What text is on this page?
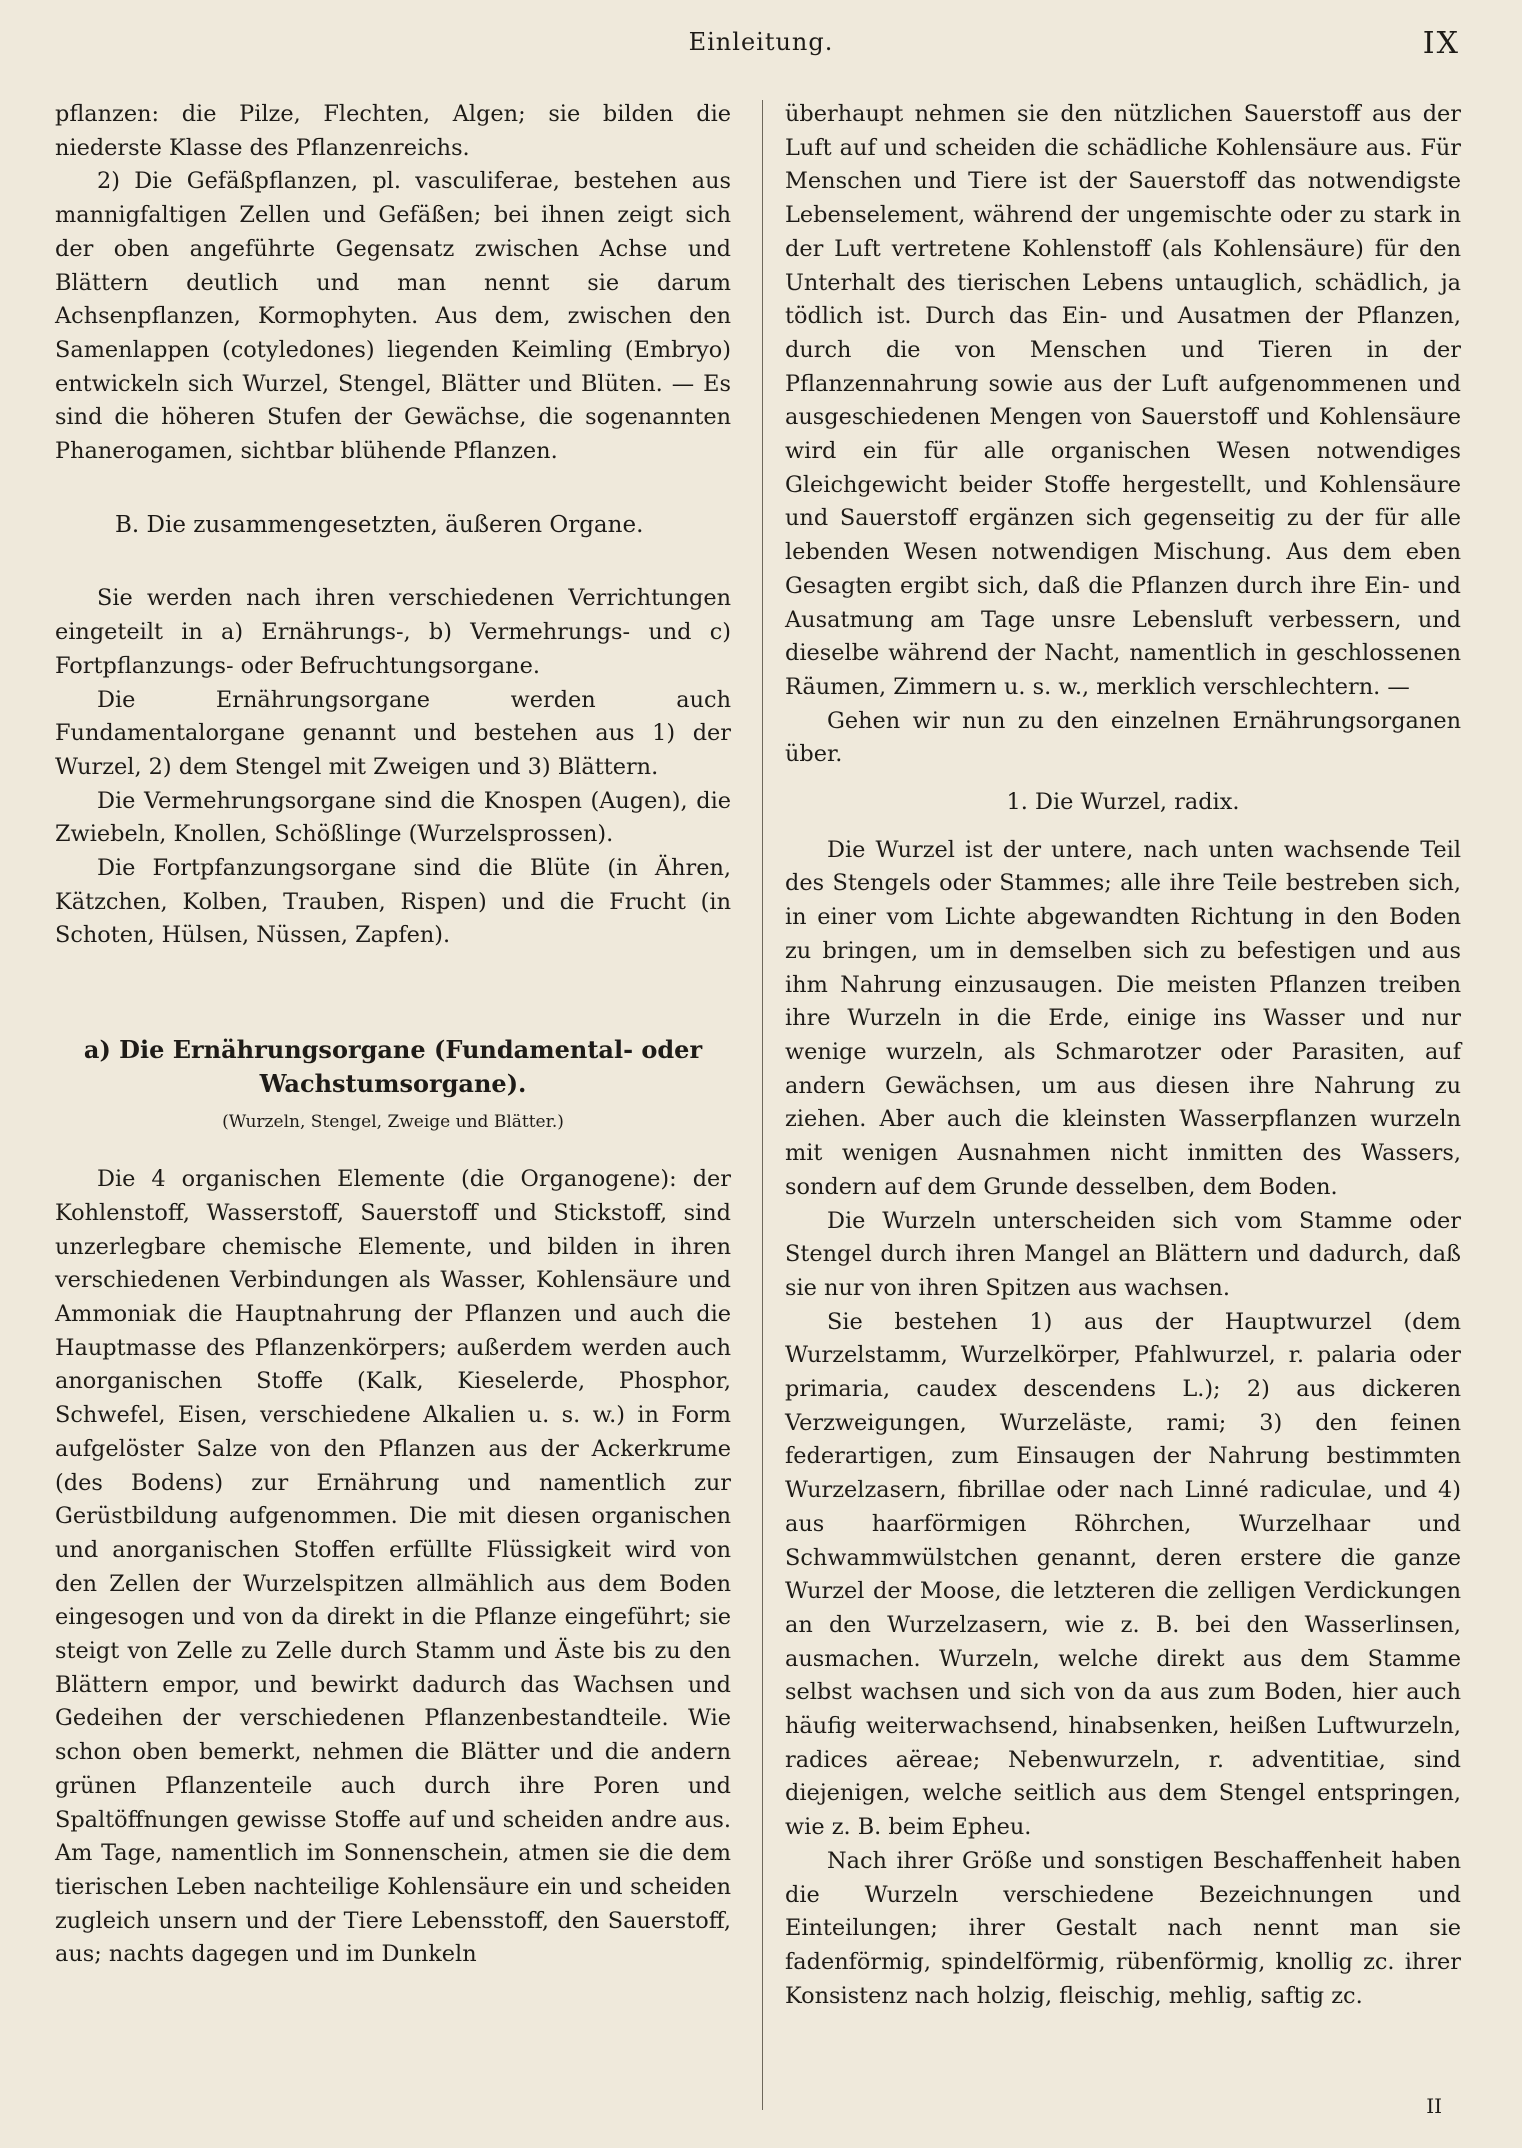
Einleitung.	IX

pflanzen: die Pilze, Flechten, Algen; sie bilden die niederste Klasse des Pflanzenreichs.

2) Die Gefäßpflanzen, pl. vasculiferae, bestehen aus mannigfaltigen Zellen und Gefäßen; bei ihnen zeigt sich der oben angeführte Gegensatz zwischen Achse und Blättern deutlich und man nennt sie darum Achsenpflanzen, Kormophyten. Aus dem, zwischen den Samenlappen (cotyledones) liegenden Keimling (Embryo) entwickeln sich Wurzel, Stengel, Blätter und Blüten. — Es sind die höheren Stufen der Gewächse, die sogenannten Phanerogamen, sichtbar blühende Pflanzen.

B. Die zusammengesetzten, äußeren Organe.

Sie werden nach ihren verschiedenen Verrichtungen eingeteilt in a) Ernährungs-, b) Vermehrungs- und c) Fortpflanzungs- oder Befruchtungsorgane.

Die Ernährungsorgane werden auch Fundamentalorgane genannt und bestehen aus 1) der Wurzel, 2) dem Stengel mit Zweigen und 3) Blättern.

Die Vermehrungsorgane sind die Knospen (Augen), die Zwiebeln, Knollen, Schößlinge (Wurzelsprossen).

Die Fortpfanzungsorgane sind die Blüte (in Ähren, Kätzchen, Kolben, Trauben, Rispen) und die Frucht (in Schoten, Hülsen, Nüssen, Zapfen).

a) Die Ernährungsorgane (Fundamental- oder Wachstumsorgane).
(Wurzeln, Stengel, Zweige und Blätter.)

Die 4 organischen Elemente (die Organogene): der Kohlenstoff, Wasserstoff, Sauerstoff und Stickstoff, sind unzerlegbare chemische Elemente, und bilden in ihren verschiedenen Verbindungen als Wasser, Kohlensäure und Ammoniak die Hauptnahrung der Pflanzen und auch die Hauptmasse des Pflanzenkörpers; außerdem werden auch anorganischen Stoffe (Kalk, Kieselerde, Phosphor, Schwefel, Eisen, verschiedene Alkalien u. s. w.) in Form aufgelöster Salze von den Pflanzen aus der Ackerkrume (des Bodens) zur Ernährung und namentlich zur Gerüstbildung aufgenommen. Die mit diesen organischen und anorganischen Stoffen erfüllte Flüssigkeit wird von den Zellen der Wurzelspitzen allmählich aus dem Boden eingesogen und von da direkt in die Pflanze eingeführt; sie steigt von Zelle zu Zelle durch Stamm und Äste bis zu den Blättern empor, und bewirkt dadurch das Wachsen und Gedeihen der verschiedenen Pflanzenbestandteile. Wie schon oben bemerkt, nehmen die Blätter und die andern grünen Pflanzenteile auch durch ihre Poren und Spaltöffnungen gewisse Stoffe auf und scheiden andre aus. Am Tage, namentlich im Sonnenschein, atmen sie die dem tierischen Leben nachteilige Kohlensäure ein und scheiden zugleich unsern und der Tiere Lebensstoff, den Sauerstoff, aus; nachts dagegen und im Dunkeln

überhaupt nehmen sie den nützlichen Sauerstoff aus der Luft auf und scheiden die schädliche Kohlensäure aus. Für Menschen und Tiere ist der Sauerstoff das notwendigste Lebenselement, während der ungemischte oder zu stark in der Luft vertretene Kohlenstoff (als Kohlensäure) für den Unterhalt des tierischen Lebens untauglich, schädlich, ja tödlich ist. Durch das Ein- und Ausatmen der Pflanzen, durch die von Menschen und Tieren in der Pflanzennahrung sowie aus der Luft aufgenommenen und ausgeschiedenen Mengen von Sauerstoff und Kohlensäure wird ein für alle organischen Wesen notwendiges Gleichgewicht beider Stoffe hergestellt, und Kohlensäure und Sauerstoff ergänzen sich gegenseitig zu der für alle lebenden Wesen notwendigen Mischung. Aus dem eben Gesagten ergibt sich, daß die Pflanzen durch ihre Ein- und Ausatmung am Tage unsre Lebensluft verbessern, und dieselbe während der Nacht, namentlich in geschlossenen Räumen, Zimmern u. s. w., merklich verschlechtern. —

Gehen wir nun zu den einzelnen Ernährungsorganen über.

1. Die Wurzel, radix.

Die Wurzel ist der untere, nach unten wachsende Teil des Stengels oder Stammes; alle ihre Teile bestreben sich, in einer vom Lichte abgewandten Richtung in den Boden zu bringen, um in demselben sich zu befestigen und aus ihm Nahrung einzusaugen. Die meisten Pflanzen treiben ihre Wurzeln in die Erde, einige ins Wasser und nur wenige wurzeln, als Schmarotzer oder Parasiten, auf andern Gewächsen, um aus diesen ihre Nahrung zu ziehen. Aber auch die kleinsten Wasserpflanzen wurzeln mit wenigen Ausnahmen nicht inmitten des Wassers, sondern auf dem Grunde desselben, dem Boden.

Die Wurzeln unterscheiden sich vom Stamme oder Stengel durch ihren Mangel an Blättern und dadurch, daß sie nur von ihren Spitzen aus wachsen.

Sie bestehen 1) aus der Hauptwurzel (dem Wurzelstamm, Wurzelkörper, Pfahlwurzel, r. palaria oder primaria, caudex descendens L.); 2) aus dickeren Verzweigungen, Wurzeläste, rami; 3) den feinen federartigen, zum Einsaugen der Nahrung bestimmten Wurzelzasern, fibrillae oder nach Linné radiculae, und 4) aus haarförmigen Röhrchen, Wurzelhaar und Schwammwülstchen genannt, deren erstere die ganze Wurzel der Moose, die letzteren die zelligen Verdickungen an den Wurzelzasern, wie z. B. bei den Wasserlinsen, ausmachen. Wurzeln, welche direkt aus dem Stamme selbst wachsen und sich von da aus zum Boden, hier auch häufig weiterwachsend, hinabsenken, heißen Luftwurzeln, radices aëreae; Nebenwurzeln, r. adventitiae, sind diejenigen, welche seitlich aus dem Stengel entspringen, wie z. B. beim Epheu.

Nach ihrer Größe und sonstigen Beschaffenheit haben die Wurzeln verschiedene Bezeichnungen und Einteilungen; ihrer Gestalt nach nennt man sie fadenförmig, spindelförmig, rübenförmig, knollig zc. ihrer Konsistenz nach holzig, fleischig, mehlig, saftig zc.

II
